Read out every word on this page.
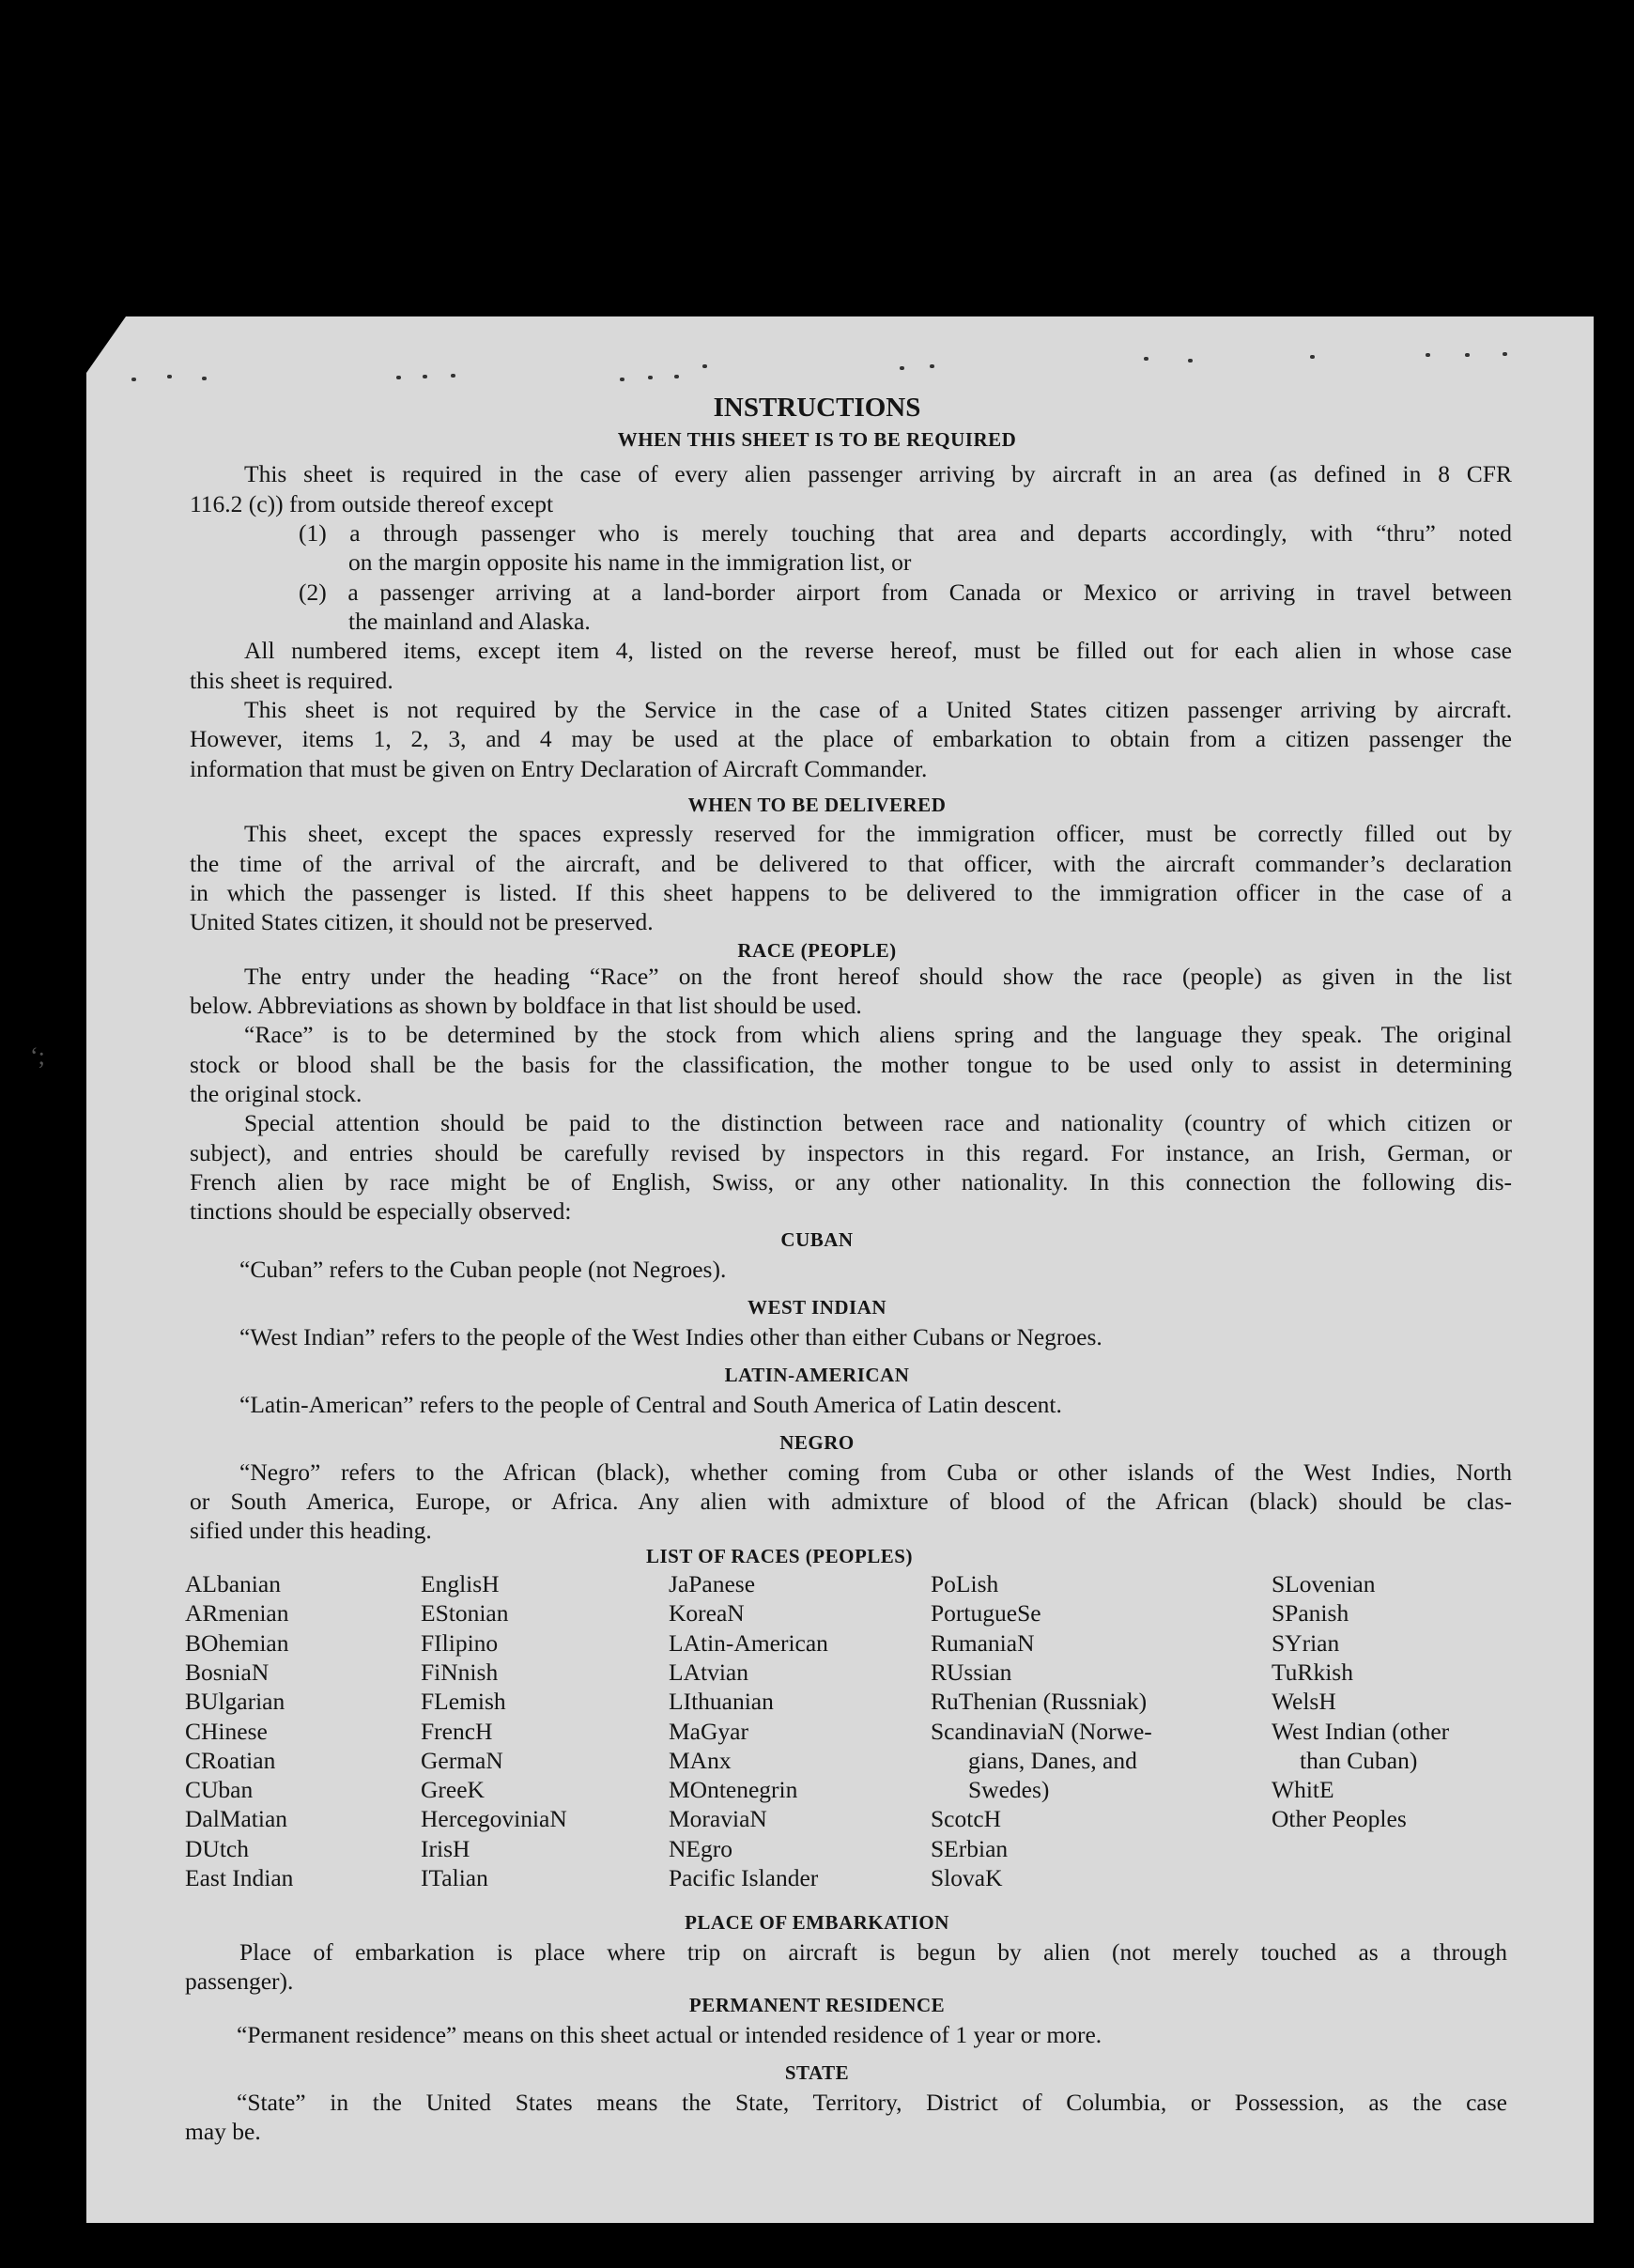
INSTRUCTIONS
WHEN THIS SHEET IS TO BE REQUIRED
This sheet is required in the case of every alien passenger arriving by aircraft in an area (as defined in 8 CFR
116.2 (c)) from outside thereof except
(1) a through passenger who is merely touching that area and departs accordingly, with “thru” noted
on the margin opposite his name in the immigration list, or
(2) a passenger arriving at a land-border airport from Canada or Mexico or arriving in travel between
the mainland and Alaska.
All numbered items, except item 4, listed on the reverse hereof, must be filled out for each alien in whose case
this sheet is required.
This sheet is not required by the Service in the case of a United States citizen passenger arriving by aircraft.
However, items 1, 2, 3, and 4 may be used at the place of embarkation to obtain from a citizen passenger the
information that must be given on Entry Declaration of Aircraft Commander.
WHEN TO BE DELIVERED
This sheet, except the spaces expressly reserved for the immigration officer, must be correctly filled out by
the time of the arrival of the aircraft, and be delivered to that officer, with the aircraft commander’s declaration
in which the passenger is listed. If this sheet happens to be delivered to the immigration officer in the case of a
United States citizen, it should not be preserved.
RACE (PEOPLE)
The entry under the heading “Race” on the front hereof should show the race (people) as given in the list
below. Abbreviations as shown by boldface in that list should be used.
“Race” is to be determined by the stock from which aliens spring and the language they speak. The original
stock or blood shall be the basis for the classification, the mother tongue to be used only to assist in determining
the original stock.
Special attention should be paid to the distinction between race and nationality (country of which citizen or
subject), and entries should be carefully revised by inspectors in this regard. For instance, an Irish, German, or
French alien by race might be of English, Swiss, or any other nationality. In this connection the following dis-
tinctions should be especially observed:
CUBAN
“Cuban” refers to the Cuban people (not Negroes).
WEST INDIAN
“West Indian” refers to the people of the West Indies other than either Cubans or Negroes.
LATIN-AMERICAN
“Latin-American” refers to the people of Central and South America of Latin descent.
NEGRO
“Negro” refers to the African (black), whether coming from Cuba or other islands of the West Indies, North
or South America, Europe, or Africa. Any alien with admixture of blood of the African (black) should be clas-
sified under this heading.
LIST OF RACES (PEOPLES)
ALbanian
ARmenian
BOhemian
BosniaN
BUlgarian
CHinese
CRoatian
CUban
DalMatian
DUtch
East Indian
EnglisH
EStonian
FIlipino
FiNnish
FLemish
FrencH
GermaN
GreeK
HercegoviniaN
IrisH
ITalian
JaPanese
KoreaN
LAtin-American
LAtvian
LIthuanian
MaGyar
MAnx
MOntenegrin
MoraviaN
NEgro
Pacific Islander
PoLish
PortugueSe
RumaniaN
RUssian
RuThenian (Russniak)
ScandinaviaN (Norwe-
gians, Danes, and
Swedes)
ScotcH
SErbian
SlovaK
SLovenian
SPanish
SYrian
TuRkish
WelsH
West Indian (other
than Cuban)
WhitE
Other Peoples
PLACE OF EMBARKATION
Place of embarkation is place where trip on aircraft is begun by alien (not merely touched as a through
passenger).
PERMANENT RESIDENCE
“Permanent residence” means on this sheet actual or intended residence of 1 year or more.
STATE
“State” in the United States means the State, Territory, District of Columbia, or Possession, as the case
may be.
‘;
